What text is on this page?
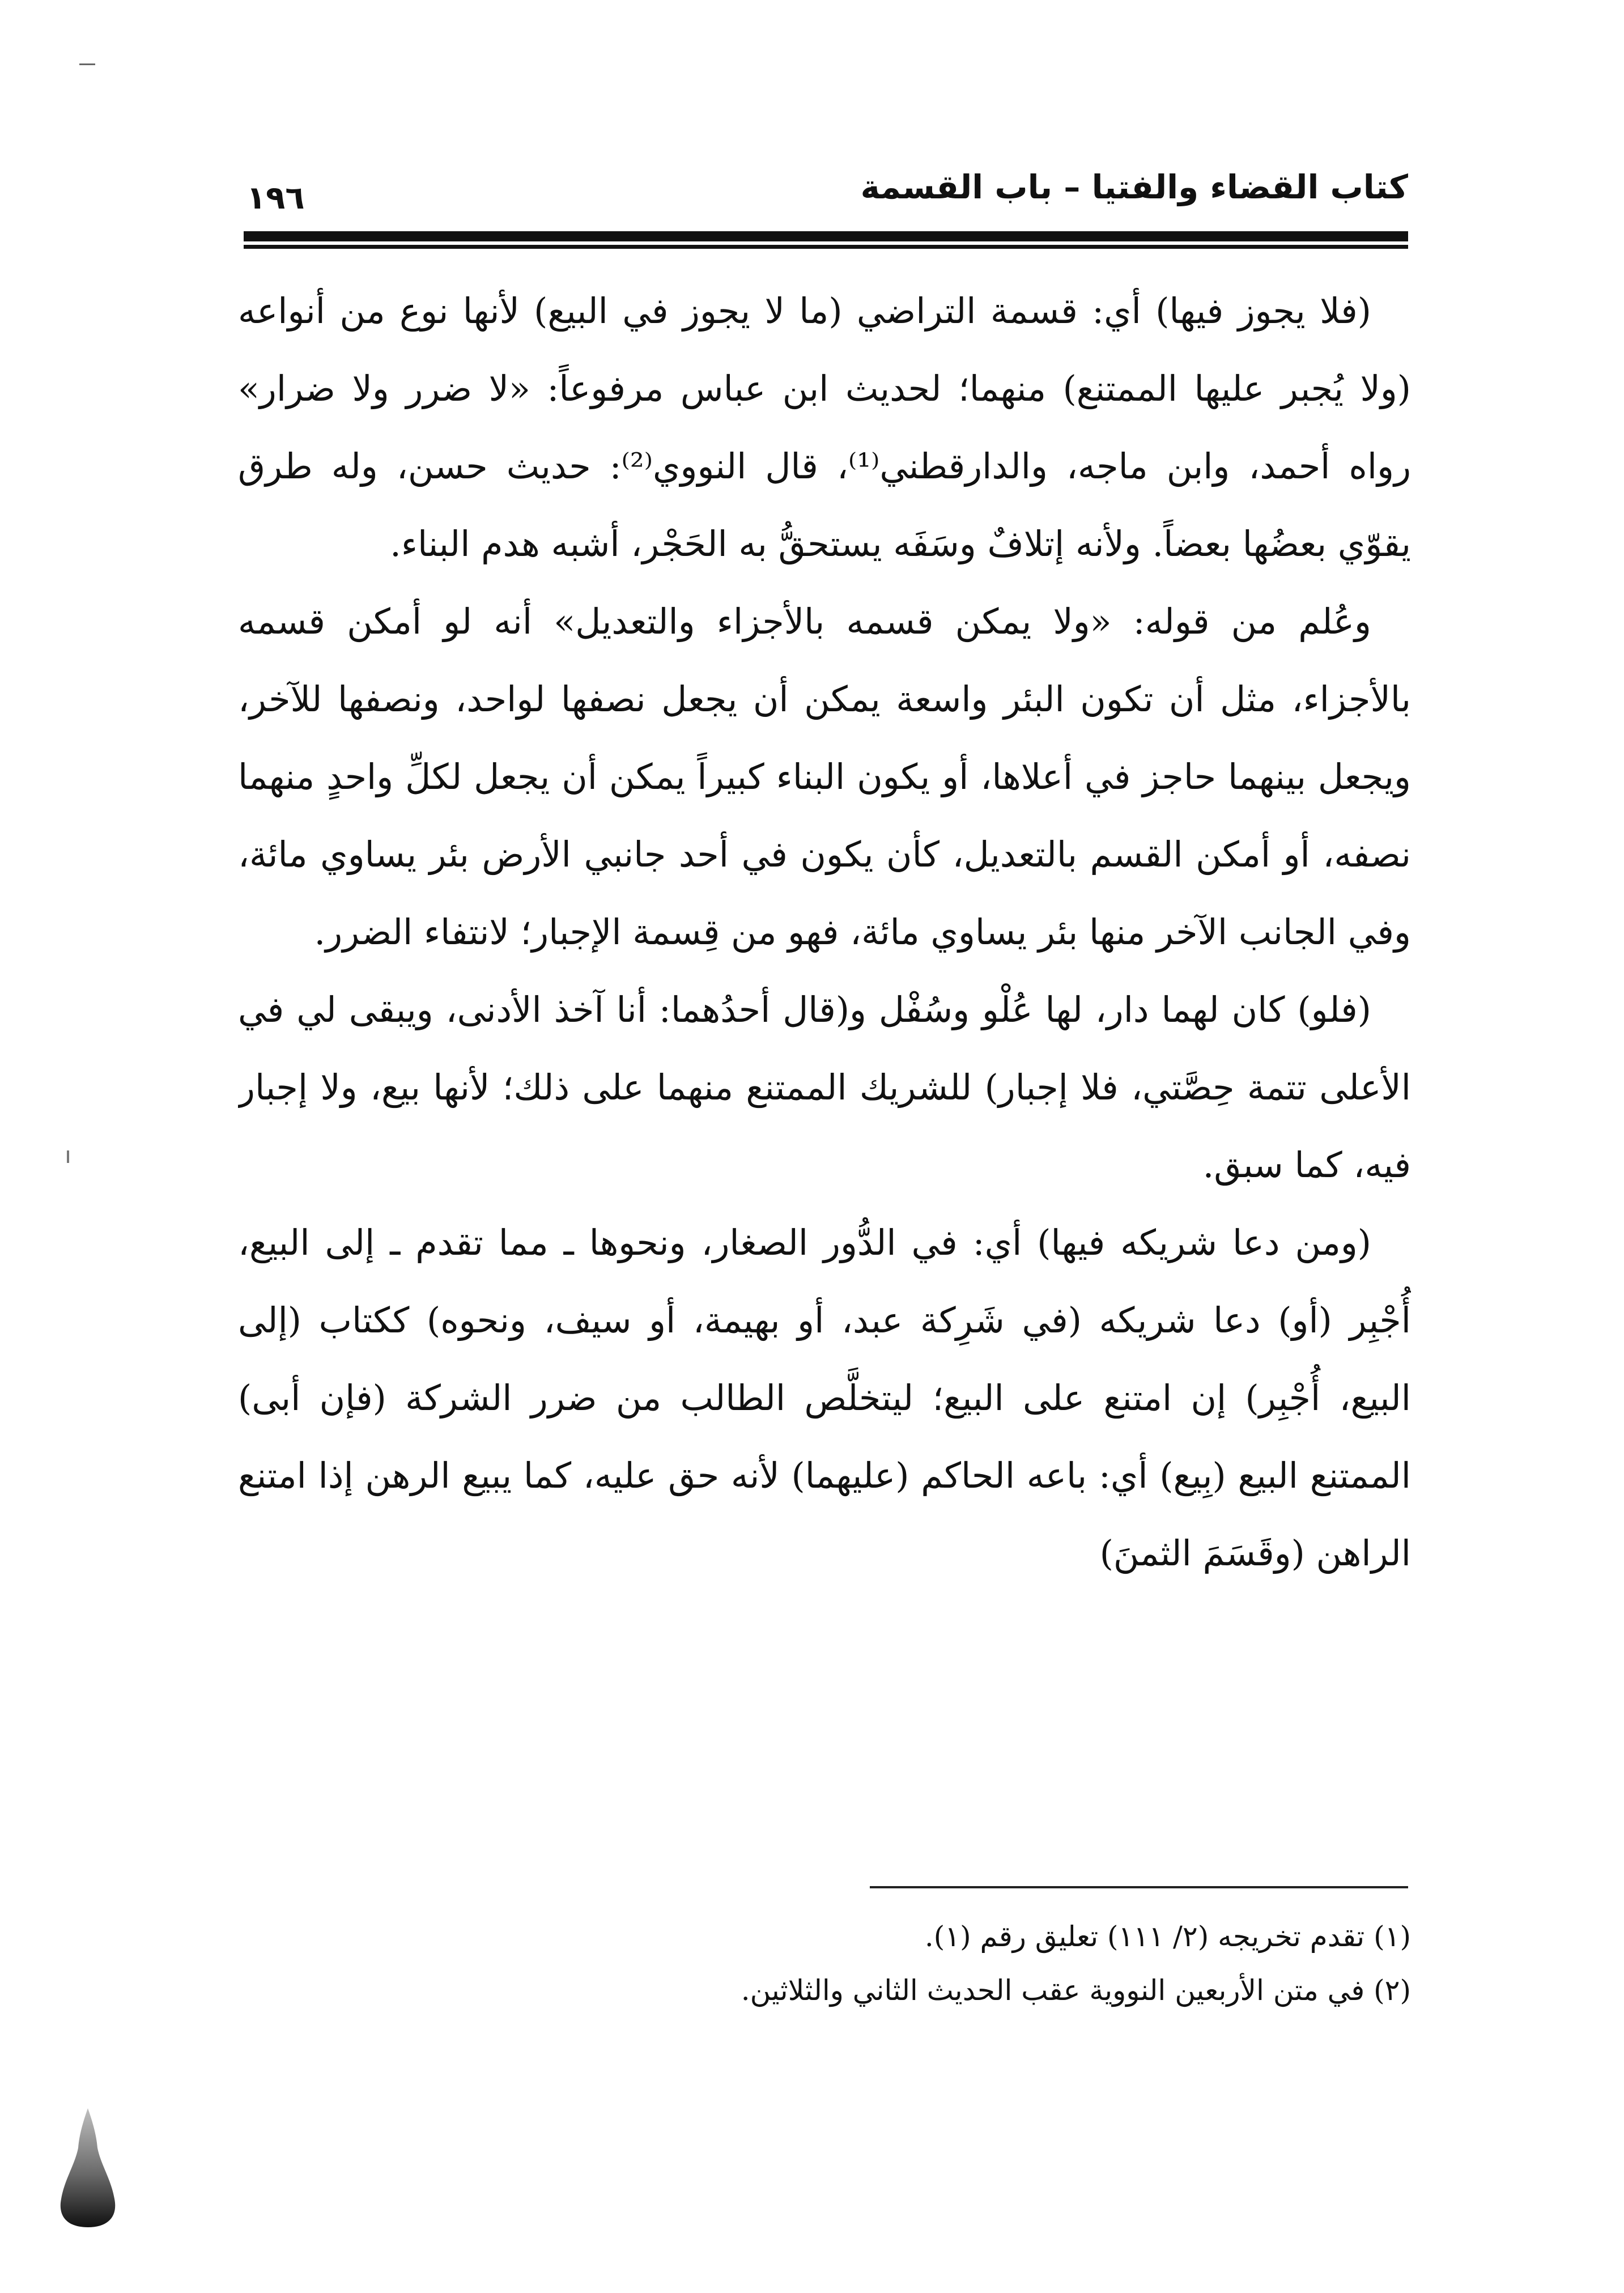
كتاب القضاء والفتيا – باب القسمة
١٩٦

(فلا يجوز فيها) أي: قسمة التراضي (ما لا يجوز في البيع) لأنها نوع من أنواعه (ولا يُجبر عليها الممتنع) منهما؛ لحديث ابن عباس مرفوعاً: «لا ضرر ولا ضرار» رواه أحمد، وابن ماجه، والدارقطني⁽¹⁾، قال النووي⁽²⁾: حديث حسن، وله طرق يقوّي بعضُها بعضاً. ولأنه إتلافٌ وسَفَه يستحقُّ به الحَجْر، أشبه هدم البناء.

وعُلم من قوله: «ولا يمكن قسمه بالأجزاء والتعديل» أنه لو أمكن قسمه بالأجزاء، مثل أن تكون البئر واسعة يمكن أن يجعل نصفها لواحد، ونصفها للآخر، ويجعل بينهما حاجز في أعلاها، أو يكون البناء كبيراً يمكن أن يجعل لكلِّ واحدٍ منهما نصفه، أو أمكن القسم بالتعديل، كأن يكون في أحد جانبي الأرض بئر يساوي مائة، وفي الجانب الآخر منها بئر يساوي مائة، فهو من قِسمة الإجبار؛ لانتفاء الضرر.

(فلو) كان لهما دار، لها عُلْو وسُفْل و(قال أحدُهما: أنا آخذ الأدنى، ويبقى لي في الأعلى تتمة حِصَّتي، فلا إجبار) للشريك الممتنع منهما على ذلك؛ لأنها بيع، ولا إجبار فيه، كما سبق.

(ومن دعا شريكه فيها) أي: في الدُّور الصغار، ونحوها ـ مما تقدم ـ إلى البيع، أُجْبِر (أو) دعا شريكه (في شَرِكة عبد، أو بهيمة، أو سيف، ونحوه) ككتاب (إلى البيع، أُجْبِر) إن امتنع على البيع؛ ليتخلَّص الطالب من ضرر الشركة (فإن أبى) الممتنع البيع (بِيع) أي: باعه الحاكم (عليهما) لأنه حق عليه، كما يبيع الرهن إذا امتنع الراهن (وقَسَمَ الثمنَ)

(١) تقدم تخريجه (٢/ ١١١) تعليق رقم (١).
(٢) في متن الأربعين النووية عقب الحديث الثاني والثلاثين.
